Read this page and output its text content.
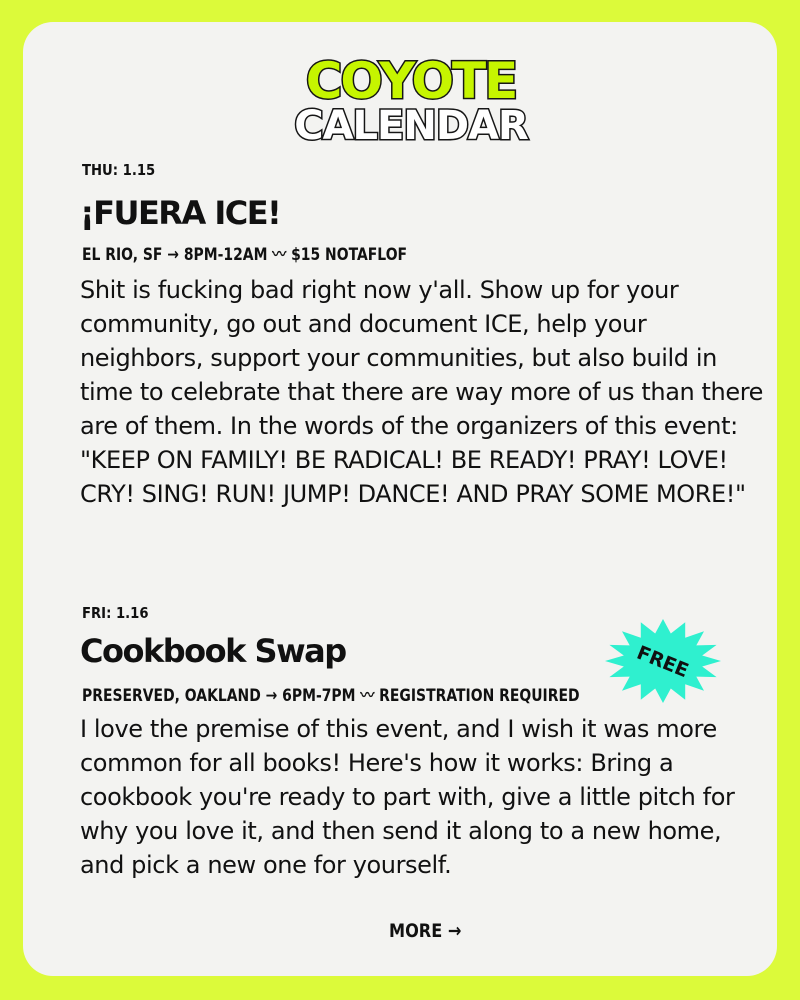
COYOTE
CALENDAR
THU: 1.15
¡FUERA ICE!
EL RIO, SF → 8PM-12AM 〰 $15 NOTAFLOF

Shit is fucking bad right now y'all. Show up for your community, go out and document ICE, help your neighbors, support your communities, but also build in time to celebrate that there are way more of us than there are of them. In the words of the organizers of this event: "KEEP ON FAMILY! BE RADICAL! BE READY! PRAY! LOVE! CRY! SING! RUN! JUMP! DANCE! AND PRAY SOME MORE!"

FRI: 1.16
Cookbook Swap
PRESERVED, OAKLAND → 6PM-7PM 〰 REGISTRATION REQUIRED

I love the premise of this event, and I wish it was more common for all books! Here's how it works: Bring a cookbook you're ready to part with, give a little pitch for why you love it, and then send it along to a new home, and pick a new one for yourself.

FREE
MORE →
